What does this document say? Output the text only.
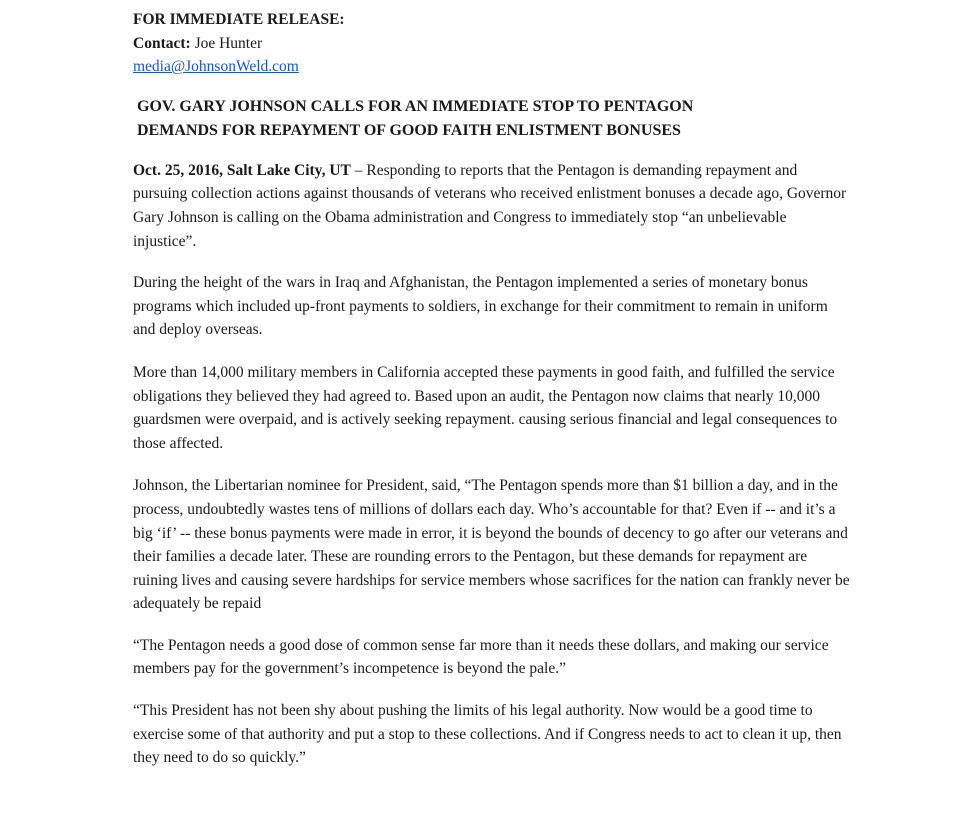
FOR IMMEDIATE RELEASE:
Contact: Joe Hunter
media@JohnsonWeld.com
GOV. GARY JOHNSON CALLS FOR AN IMMEDIATE STOP TO PENTAGON
DEMANDS FOR REPAYMENT OF GOOD FAITH ENLISTMENT BONUSES

Oct. 25, 2016, Salt Lake City, UT – Responding to reports that the Pentagon is demanding repayment and pursuing collection actions against thousands of veterans who received enlistment bonuses a decade ago, Governor Gary Johnson is calling on the Obama administration and Congress to immediately stop “an unbelievable injustice”.

During the height of the wars in Iraq and Afghanistan, the Pentagon implemented a series of monetary bonus programs which included up-front payments to soldiers, in exchange for their commitment to remain in uniform and deploy overseas.

More than 14,000 military members in California accepted these payments in good faith, and fulfilled the service obligations they believed they had agreed to. Based upon an audit, the Pentagon now claims that nearly 10,000 guardsmen were overpaid, and is actively seeking repayment. causing serious financial and legal consequences to those affected.

Johnson, the Libertarian nominee for President, said, “The Pentagon spends more than $1 billion a day, and in the process, undoubtedly wastes tens of millions of dollars each day. Who’s accountable for that? Even if -- and it’s a big ‘if’ -- these bonus payments were made in error, it is beyond the bounds of decency to go after our veterans and their families a decade later. These are rounding errors to the Pentagon, but these demands for repayment are ruining lives and causing severe hardships for service members whose sacrifices for the nation can frankly never be adequately be repaid

“The Pentagon needs a good dose of common sense far more than it needs these dollars, and making our service members pay for the government’s incompetence is beyond the pale.”

“This President has not been shy about pushing the limits of his legal authority. Now would be a good time to exercise some of that authority and put a stop to these collections. And if Congress needs to act to clean it up, then they need to do so quickly.”
